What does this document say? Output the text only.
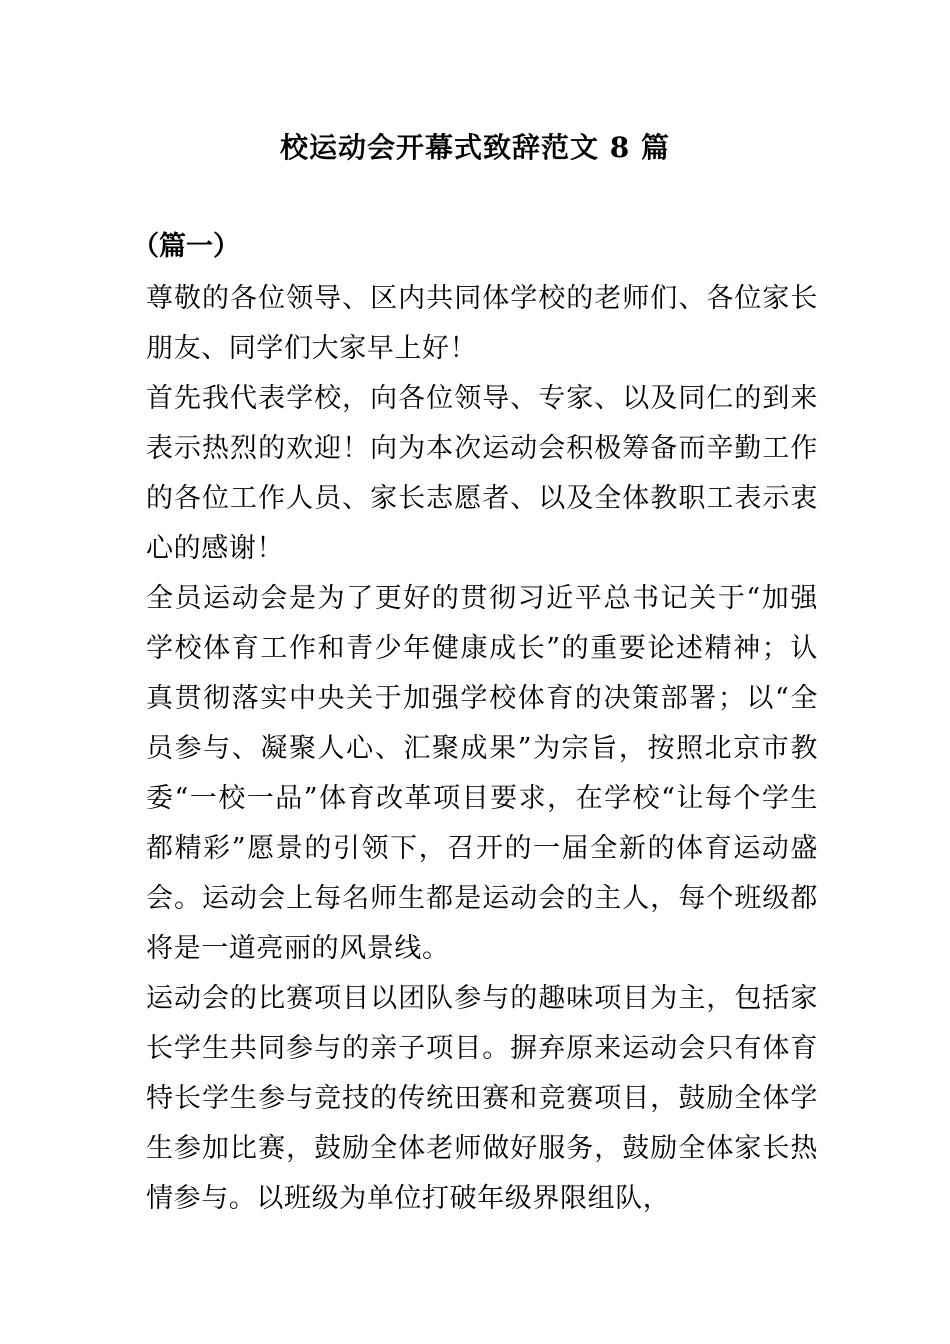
校运动会开幕式致辞范文 8 篇
（篇一）

尊敬的各位领导、区内共同体学校的老师们、各位家长朋友、同学们大家早上好！

首先我代表学校，向各位领导、专家、以及同仁的到来表示热烈的欢迎！向为本次运动会积极筹备而辛勤工作的各位工作人员、家长志愿者、以及全体教职工表示衷心的感谢！

全员运动会是为了更好的贯彻习近平总书记关于“加强学校体育工作和青少年健康成长”的重要论述精神；认真贯彻落实中央关于加强学校体育的决策部署；以“全员参与、凝聚人心、汇聚成果”为宗旨，按照北京市教委“一校一品”体育改革项目要求，在学校“让每个学生都精彩”愿景的引领下，召开的一届全新的体育运动盛会。运动会上每名师生都是运动会的主人，每个班级都将是一道亮丽的风景线。

运动会的比赛项目以团队参与的趣味项目为主，包括家长学生共同参与的亲子项目。摒弃原来运动会只有体育特长学生参与竞技的传统田赛和竞赛项目，鼓励全体学生参加比赛，鼓励全体老师做好服务，鼓励全体家长热情参与。以班级为单位打破年级界限组队，
